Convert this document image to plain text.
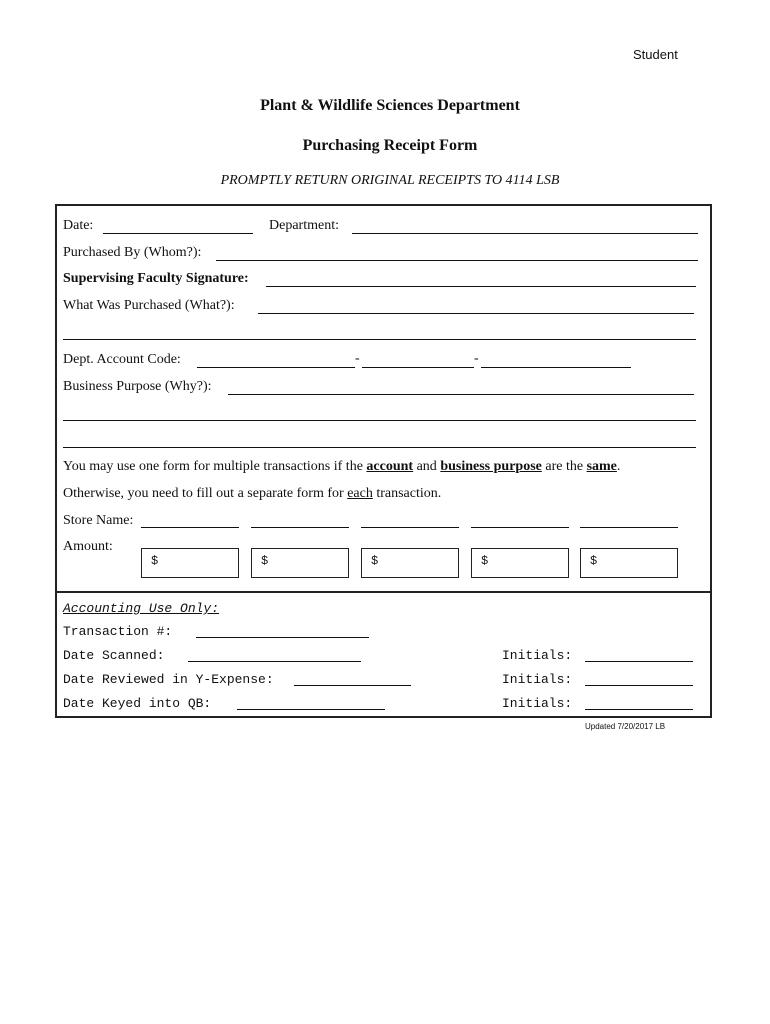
Student
Plant & Wildlife Sciences Department
Purchasing Receipt Form
PROMPTLY RETURN ORIGINAL RECEIPTS TO 4114 LSB
Date:	Department:
Purchased By (Whom?):
Supervising Faculty Signature:
What Was Purchased (What?):
Dept. Account Code:	-	-
Business Purpose (Why?):
You may use one form for multiple transactions if the account and business purpose are the same.
Otherwise, you need to fill out a separate form for each transaction.
Store Name:
Amount:
$	$	$	$	$
Accounting Use Only:
Transaction #:
Date Scanned:	Initials:
Date Reviewed in Y-Expense:	Initials:
Date Keyed into QB:	Initials:
Updated 7/20/2017 LB
